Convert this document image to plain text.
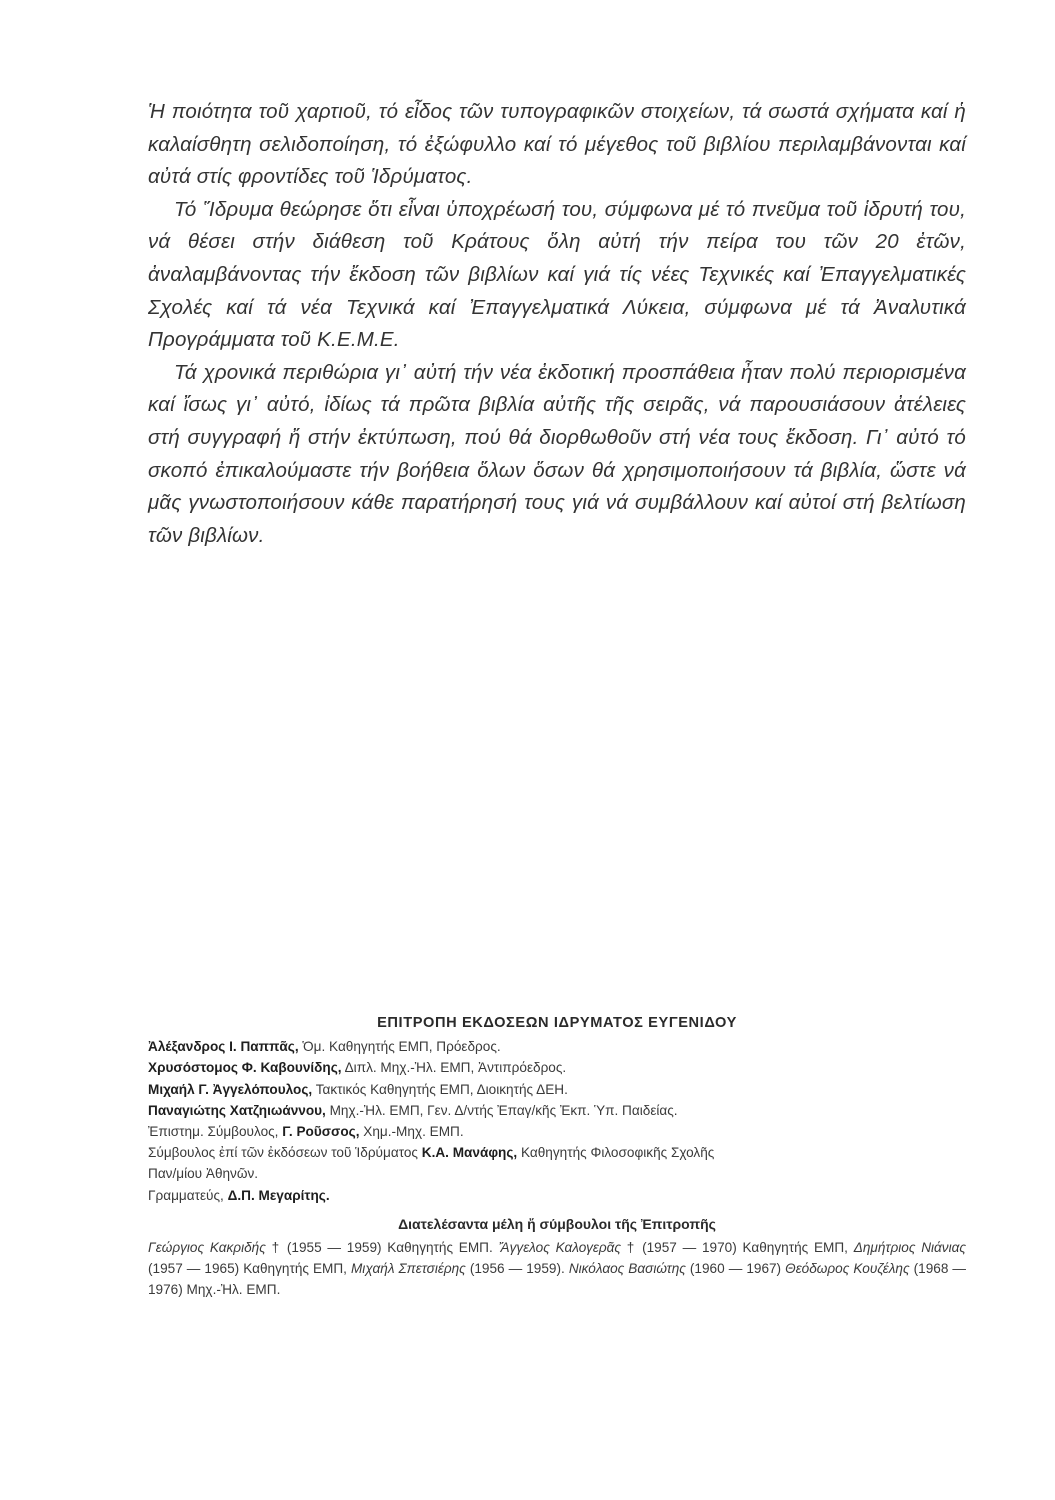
Ἡ ποιότητα τοῦ χαρτιοῦ, τό εἶδος τῶν τυπογραφικῶν στοιχείων, τά σωστά σχήματα καί ἡ καλαίσθητη σελιδοποίηση, τό ἐξώφυλλο καί τό μέγεθος τοῦ βιβλίου περιλαμβάνονται καί αὐτά στίς φροντίδες τοῦ Ἱδρύματος.

Τό Ἵδρυμα θεώρησε ὅτι εἶναι ὑποχρέωσή του, σύμφωνα μέ τό πνεῦμα τοῦ ἱδρυτή του, νά θέσει στήν διάθεση τοῦ Κράτους ὅλη αὐτή τήν πείρα του τῶν 20 ἐτῶν, ἀναλαμβάνοντας τήν ἔκδοση τῶν βιβλίων καί γιά τίς νέες Τεχνικές καί Ἐπαγγελματικές Σχολές καί τά νέα Τεχνικά καί Ἐπαγγελματικά Λύκεια, σύμφωνα μέ τά Ἀναλυτικά Προγράμματα τοῦ Κ.Ε.Μ.Ε.

Τά χρονικά περιθώρια γι᾽ αὐτή τήν νέα ἐκδοτική προσπάθεια ἦταν πολύ περιορισμένα καί ἴσως γι᾽ αὐτό, ἰδίως τά πρῶτα βιβλία αὐτῆς τῆς σειρᾶς, νά παρουσιάσουν ἀτέλειες στή συγγραφή ἤ στήν ἐκτύπωση, πού θά διορθωθοῦν στή νέα τους ἔκδοση. Γι᾽ αὐτό τό σκοπό ἐπικαλούμαστε τήν βοήθεια ὅλων ὅσων θά χρησιμοποιήσουν τά βιβλία, ὥστε νά μᾶς γνωστοποιήσουν κάθε παρατήρησή τους γιά νά συμβάλλουν καί αὐτοί στή βελτίωση τῶν βιβλίων.

ΕΠΙΤΡΟΠΗ ΕΚΔΟΣΕΩΝ ΙΔΡΥΜΑΤΟΣ ΕΥΓΕΝΙΔΟΥ

Ἀλέξανδρος Ι. Παππᾶς, Ὁμ. Καθηγητής ΕΜΠ, Πρόεδρος.

Χρυσόστομος Φ. Καβουνίδης, Διπλ. Μηχ.-Ἠλ. ΕΜΠ, Ἀντιπρόεδρος.

Μιχαήλ Γ. Ἀγγελόπουλος, Τακτικός Καθηγητής ΕΜΠ, Διοικητής ΔΕΗ.

Παναγιώτης Χατζηιωάννου, Μηχ.-Ἠλ. ΕΜΠ, Γεν. Δ/ντής Ἐπαγ/κῆς Ἐκπ. Ὑπ. Παιδείας.

Ἐπιστημ. Σύμβουλος, Γ. Ροῦσσος, Χημ.-Μηχ. ΕΜΠ.

Σύμβουλος ἐπί τῶν ἐκδόσεων τοῦ Ἱδρύματος Κ.Α. Μανάφης, Καθηγητής Φιλοσοφικῆς Σχολῆς

Παν/μίου Ἀθηνῶν.

Γραμματεύς, Δ.Π. Μεγαρίτης.

Διατελέσαντα μέλη ἤ σύμβουλοι τῆς Ἐπιτροπῆς

Γεώργιος Κακριδής † (1955 — 1959) Καθηγητής ΕΜΠ. Ἄγγελος Καλογερᾶς † (1957 — 1970) Καθηγητής ΕΜΠ, Δημήτριος Νιάνιας (1957 — 1965) Καθηγητής ΕΜΠ, Μιχαήλ Σπετσιέρης (1956 — 1959). Νικόλαος Βασιώτης (1960 — 1967) Θεόδωρος Κουζέλης (1968 — 1976) Μηχ.-Ἠλ. ΕΜΠ.
